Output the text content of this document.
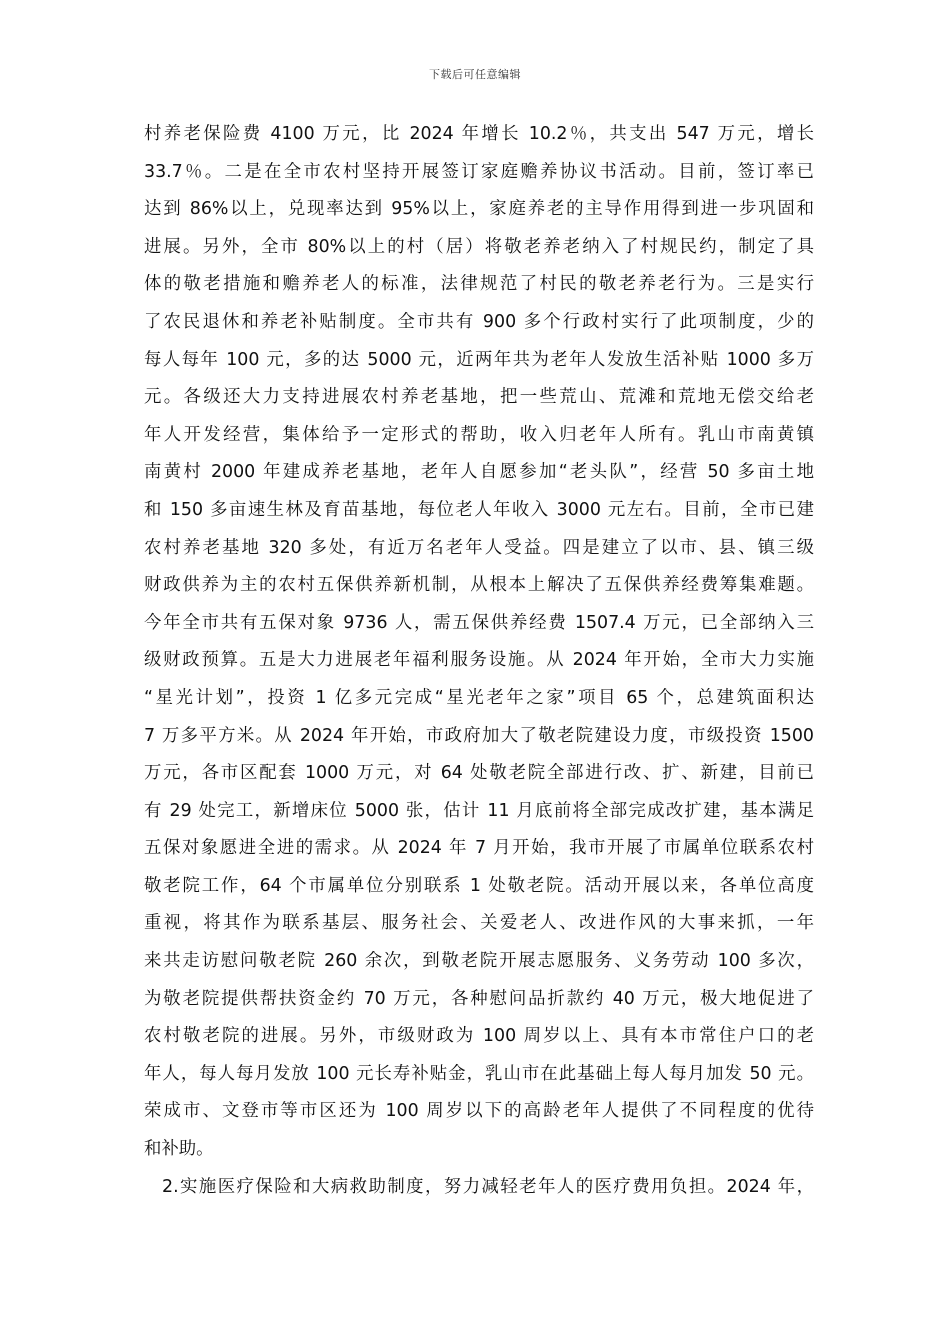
下载后可任意编辑
村养老保险费 4100 万元，比 2024 年增长 10.2％，共支出 547 万元，增长
33.7％。二是在全市农村坚持开展签订家庭赡养协议书活动。目前，签订率已
达到 86%以上，兑现率达到 95%以上，家庭养老的主导作用得到进一步巩固和
进展。另外，全市 80%以上的村（居）将敬老养老纳入了村规民约，制定了具
体的敬老措施和赡养老人的标准，法律规范了村民的敬老养老行为。三是实行
了农民退休和养老补贴制度。全市共有 900 多个行政村实行了此项制度，少的
每人每年 100 元，多的达 5000 元，近两年共为老年人发放生活补贴 1000 多万
元。各级还大力支持进展农村养老基地，把一些荒山、荒滩和荒地无偿交给老
年人开发经营，集体给予一定形式的帮助，收入归老年人所有。乳山市南黄镇
南黄村 2000 年建成养老基地，老年人自愿参加“老头队”，经营 50 多亩土地
和 150 多亩速生林及育苗基地，每位老人年收入 3000 元左右。目前，全市已建
农村养老基地 320 多处，有近万名老年人受益。四是建立了以市、县、镇三级
财政供养为主的农村五保供养新机制，从根本上解决了五保供养经费筹集难题。
今年全市共有五保对象 9736 人，需五保供养经费 1507.4 万元，已全部纳入三
级财政预算。五是大力进展老年福利服务设施。从 2024 年开始，全市大力实施
“星光计划”，投资 1 亿多元完成“星光老年之家”项目 65 个，总建筑面积达
7 万多平方米。从 2024 年开始，市政府加大了敬老院建设力度，市级投资 1500
万元，各市区配套 1000 万元，对 64 处敬老院全部进行改、扩、新建，目前已
有 29 处完工，新增床位 5000 张，估计 11 月底前将全部完成改扩建，基本满足
五保对象愿进全进的需求。从 2024 年 7 月开始，我市开展了市属单位联系农村
敬老院工作，64 个市属单位分别联系 1 处敬老院。活动开展以来，各单位高度
重视，将其作为联系基层、服务社会、关爱老人、改进作风的大事来抓，一年
来共走访慰问敬老院 260 余次，到敬老院开展志愿服务、义务劳动 100 多次，
为敬老院提供帮扶资金约 70 万元，各种慰问品折款约 40 万元，极大地促进了
农村敬老院的进展。另外，市级财政为 100 周岁以上、具有本市常住户口的老
年人，每人每月发放 100 元长寿补贴金，乳山市在此基础上每人每月加发 50 元。
荣成市、文登市等市区还为 100 周岁以下的高龄老年人提供了不同程度的优待
和补助。
2.实施医疗保险和大病救助制度，努力减轻老年人的医疗费用负担。2024 年，
